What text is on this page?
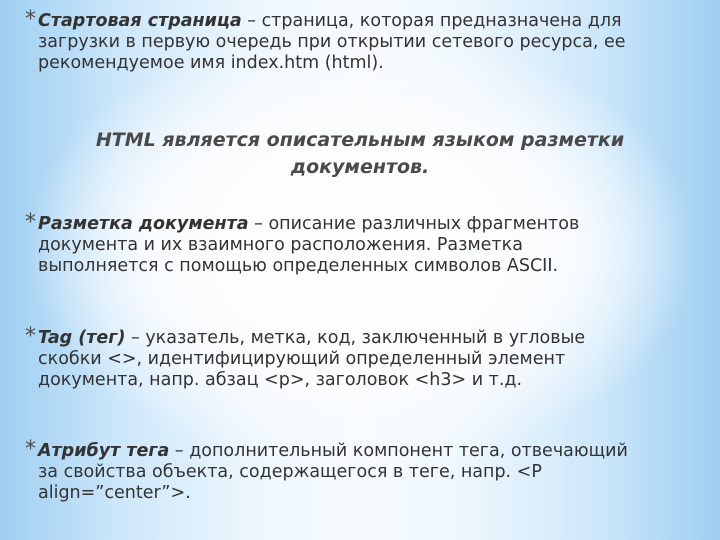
* Стартовая страница – страница, которая предназначена для
загрузки в первую очередь при открытии сетевого ресурса, ее
рекомендуемое имя index.htm (html).
HTML является описательным языком разметки
документов.
* Разметка документа – описание различных фрагментов
документа и их взаимного расположения. Разметка
выполняется с помощью определенных символов ASCII.
* Tag (тег) – указатель, метка, код, заключенный в угловые
скобки <>, идентифицирующий определенный элемент
документа, напр. абзац <p>, заголовок <h3> и т.д.
* Атрибут тега – дополнительный компонент тега, отвечающий
за свойства объекта, содержащегося в теге, напр. <P
align=”center”>.
